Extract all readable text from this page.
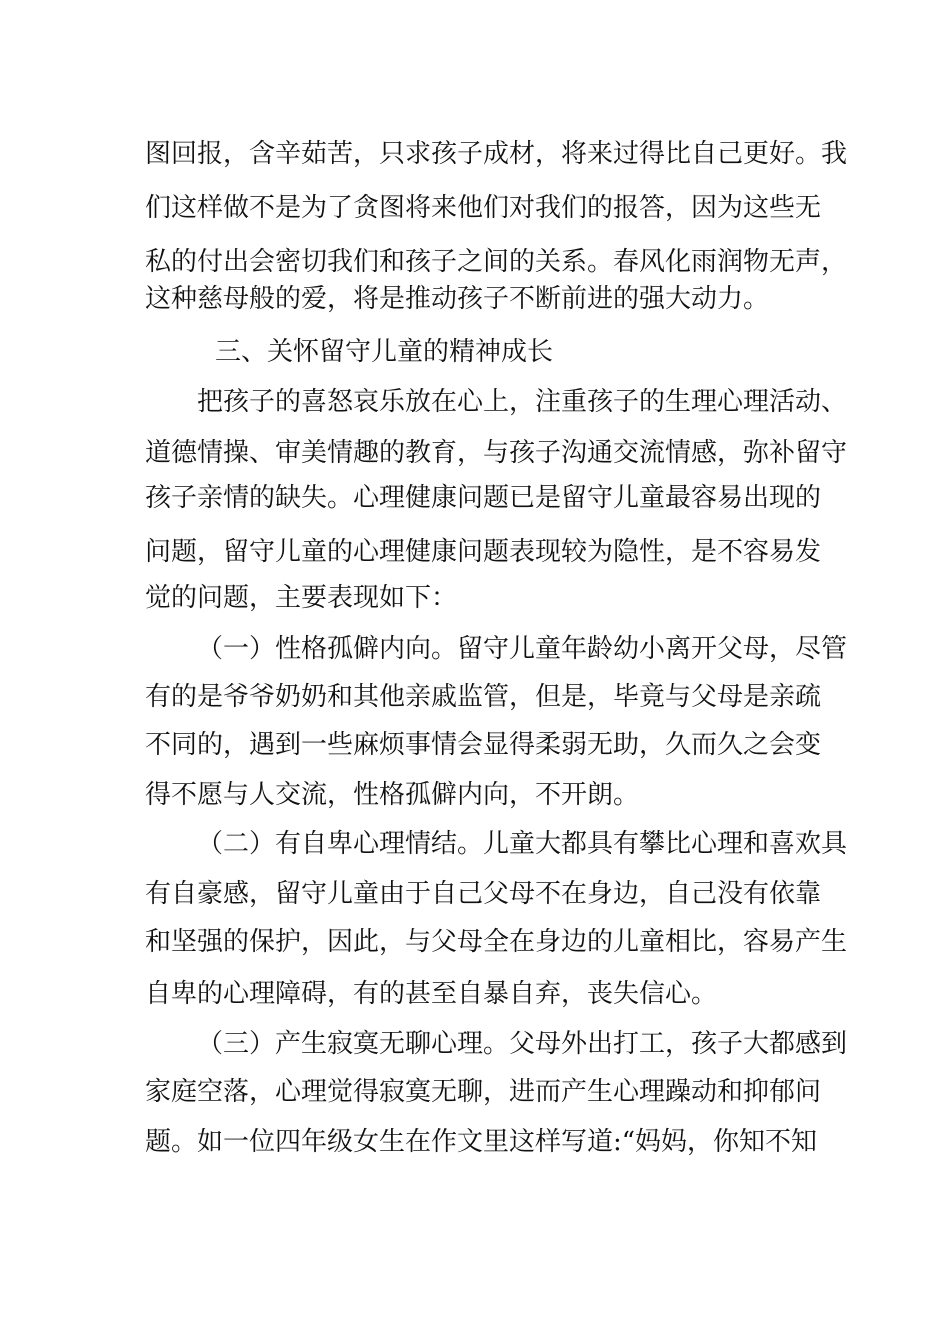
图回报，含辛茹苦，只求孩子成材，将来过得比自己更好。我
们这样做不是为了贪图将来他们对我们的报答，因为这些无
私的付出会密切我们和孩子之间的关系。春风化雨润物无声，
这种慈母般的爱，将是推动孩子不断前进的强大动力。
三、关怀留守儿童的精神成长
把孩子的喜怒哀乐放在心上，注重孩子的生理心理活动、
道德情操、审美情趣的教育，与孩子沟通交流情感，弥补留守
孩子亲情的缺失。心理健康问题已是留守儿童最容易出现的
问题，留守儿童的心理健康问题表现较为隐性，是不容易发
觉的问题，主要表现如下：
（一）性格孤僻内向。留守儿童年龄幼小离开父母，尽管
有的是爷爷奶奶和其他亲戚监管，但是，毕竟与父母是亲疏
不同的，遇到一些麻烦事情会显得柔弱无助，久而久之会变
得不愿与人交流，性格孤僻内向，不开朗。
（二）有自卑心理情结。儿童大都具有攀比心理和喜欢具
有自豪感，留守儿童由于自己父母不在身边，自己没有依靠
和坚强的保护，因此，与父母全在身边的儿童相比，容易产生
自卑的心理障碍，有的甚至自暴自弃，丧失信心。
（三）产生寂寞无聊心理。父母外出打工，孩子大都感到
家庭空落，心理觉得寂寞无聊，进而产生心理躁动和抑郁问
题。如一位四年级女生在作文里这样写道:“妈妈，你知不知
